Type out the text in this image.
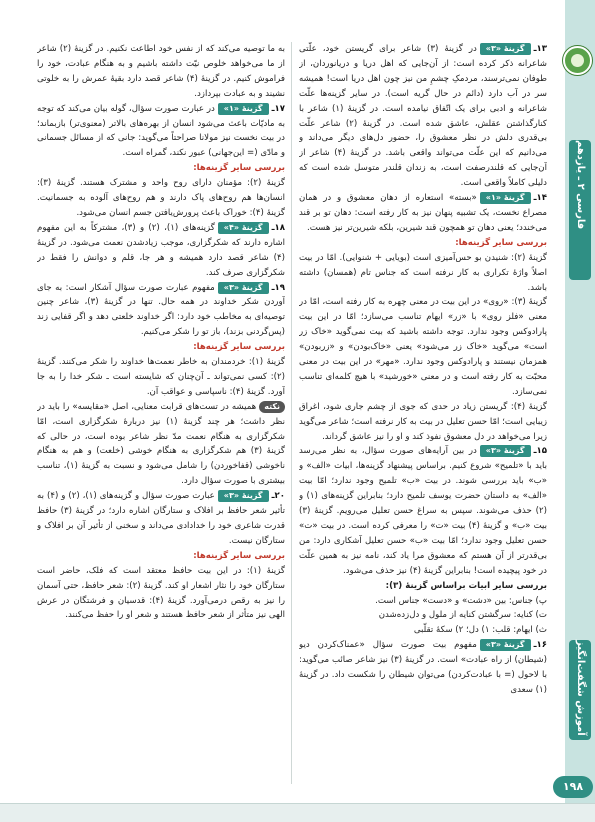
فارسی ۲ ـ یازدهم
آموزش شگفت‌انگیز

۱۳ـگزینهٔ «۳»در گزینهٔ (۳) شاعر برای گریستن خود، علّتی شاعرانه ذکر کرده است: از آن‌جایی که اهل دریا و دریانوردان، از طوفان نمی‌ترسند، مردمکِ چشمِ من نیز چون اهل دریا است! همیشه سر در آب دارد (دائم در حال گریه است). در سایر گزینه‌ها علّت شاعرانه و ادبی برای یک اتّفاق نیامده است. در گزینهٔ (۱) شاعر با کنارگذاشتن عقلش، عاشق شده است. در گزینهٔ (۲) شاعر علّت بی‌قدری دلش در نظر معشوق را، حضور دل‌های دیگر می‌داند و می‌دانیم که این علّت می‌تواند واقعی باشد. در گزینهٔ (۴) شاعر از آن‌جایی که قلندرصفت است، به زندان قلندر متوسل شده است که دلیلی کاملاً واقعی است.

۱۴ـگزینهٔ «۱»«بسته» استعاره از دهان معشوق و در همان مصراع نخست، یک تشبیه پنهان نیز به کار رفته است: دهان تو بر قند می‌خندد؛ یعنی دهان تو همچون قند شیرین، بلکه شیرین‌تر نیز هست.

بررسی سایر گزینه‌ها:

گزینهٔ (۲): شنیدن بو حس‌آمیزی است (بویایی + شنوایی). امّا در بیت اصلاً واژهٔ تکراری به کار نرفته است که جناس تام (همسان) داشته باشد.

گزینهٔ (۳): «روی» در این بیت در معنی چهره به کار رفته است، امّا در معنی «فلز روی» با «زر» ایهام تناسب می‌سازد؛ امّا در این بیت پارادوکس وجود ندارد. توجه داشته باشید که بیت نمی‌گوید «خاک زر است» می‌گوید «خاک زر می‌شود» یعنی «خاک‌بودن» و «زربودن» همزمان نیستند و پارادوکس وجود ندارد. «مهر» در این بیت در معنی محبّت به کار رفته است و در معنی «خورشید» با هیچ کلمه‌ای تناسب نمی‌سازد.

گزینهٔ (۴): گریستن زیاد در حدی که جوی از چشم جاری شود، اغراق زیبایی است؛ امّا حسن تعلیل در بیت به کار نرفته است؛ شاعر می‌گوید زیرا می‌خواهد در دل معشوق نفوذ کند و او را نیز عاشق گرداند.

۱۵ـگزینهٔ «۳»در بین آرایه‌های صورت سؤال، به نظر می‌رسد باید با «تلمیح» شروع کنیم. براساس پیشنهاد گزینه‌ها، ابیات «الف» و «ب» باید بررسی شوند. در بیت «ب» تلمیح وجود ندارد؛ امّا بیت «الف» به داستان حضرت یوسف تلمیح دارد؛ بنابراین گزینه‌های (۱) و (۲) حذف می‌شوند. سپس به سراغ حسن تعلیل می‌رویم. گزینهٔ (۳) بیت «ب» و گزینهٔ (۴) بیت «ت» را معرفی کرده است. در بیت «ت» حسن تعلیل وجود ندارد؛ امّا بیت «ب» حسن تعلیل آشکاری دارد: من بی‌قدرتر از آن هستم که معشوق مرا یاد کند، نامه نیز به همین علّت در خود پیچیده است! بنابراین گزینهٔ (۴) نیز حذف می‌شود.

بررسی سایر ابیات براساس گزینهٔ (۳):

پ) جناس: بین «دشت» و «دست» جناس است.

ت) کنایه: سرگشتن کنایه از ملول و دل‌زده‌شدن

ث) ایهام: قلب: ۱) دل؛ ۲) سکهٔ تقلّبی

۱۶ـگزینهٔ «۳»مفهوم بیت صورت سؤال «عمناک‌کردن دیو (شیطان) از راه عبادت» است. در گزینهٔ (۳) نیز شاعر صائب می‌گوید: با لاحول (= با عبادت‌کردن) می‌توان شیطان را شکست داد. در گزینهٔ (۱) سعدی

به ما توصیه می‌کند که از نفس خود اطاعت نکنیم. در گزینهٔ (۲) شاعر از ما می‌خواهد خلوص نیّت داشته باشیم و به هنگام عبادت، خود را فراموش کنیم. در گزینهٔ (۴) شاعر قصد دارد بقیهٔ عمرش را به خلوتی نشیند و به عبادت بپردازد.

۱۷ـگزینهٔ «۱»در عبارت صورت سؤال، گوله بیان می‌کند که توجه به مادیّات باعث می‌شود انسان از بهره‌های بالاتر (معنوی‌تر) بازبماند؛ در بیت نخست نیز مولانا صراحتاً می‌گوید: جانی که از مسائل جسمانی و مادّی (= این‌جهانی) عبور نکند، گمراه است.

بررسی سایر گزینه‌ها:

گزینهٔ (۲): مؤمنان دارای روح واحد و مشترک هستند. گزینهٔ (۳): انسان‌ها هم روح‌های پاک دارند و هم روح‌های آلوده به جسمانیت. گزینهٔ (۴): خوراک باعث پرورش‌یافتن جسم انسان می‌شود.

۱۸ـگزینهٔ «۴»گزینه‌های (۱)، (۲) و (۳)، مشترکاً به این مفهوم اشاره دارند که شکرگزاری، موجب زیادشدن نعمت می‌شود. در گزینهٔ (۴) شاعر قصد دارد همیشه و هر جا، قلم و دوانش را فقط در شکرگزاری صرف کند.

۱۹ـگزینهٔ «۳»مفهوم عبارت صورت سؤال آشکار است: به جای آوردن شکر خداوند در همه حال. تنها در گزینهٔ (۳)، شاعر چنین توصیه‌ای به مخاطب خود دارد: اگر خداوند خلعتی دهد و اگر قفایی زند (پس‌گردنی بزند)، باز تو را شکر می‌کنیم.

بررسی سایر گزینه‌ها:

گزینهٔ (۱): خردمندان به خاطر نعمت‌ها خداوند را شکر می‌کنند. گزینهٔ (۲): کسی نمی‌تواند ـ آن‌چنان که شایسته است ـ شکر خدا را به جا آورد. گزینهٔ (۴): ناسپاسی و عواقب آن.

نکتههمیشه در تست‌های قرابت معنایی، اصل «مقایسه» را باید در نظر داشت؛ هر چند گزینهٔ (۱) نیز دربارهٔ شکرگزاری است، امّا شکرگزاری به هنگام نعمت مدّ نظر شاعر بوده است، در حالی که گزینهٔ (۳) هم شکرگزاری به هنگام خوشی (خلعت) و هم به هنگام ناخوشی (قفاخوردن) را شامل می‌شود و نسبت به گزینهٔ (۱)، تناسب بیشتری با صورت سؤال دارد.

۲۰ـگزینهٔ «۳»عبارت صورت سؤال و گزینه‌های (۱)، (۲) و (۴) به تأثیر شعر حافظ بر افلاک و ستارگان اشاره دارد؛ در گزینهٔ (۳) حافظ قدرت شاعری خود را خدادادی می‌داند و سخنی از تأثیر آن بر افلاک و ستارگان نیست.

بررسی سایر گزینه‌ها:

گزینهٔ (۱): در این بیت حافظ معتقد است که فلک، حاضر است ستارگان خود را نثار اشعار او کند. گزینهٔ (۲): شعر حافظ، حتی آسمان را نیز به رقص درمی‌آورد. گزینهٔ (۴): قدسیان و فرشتگان در عرش الهی نیز متأثر از شعر حافظ هستند و شعر او را حفظ می‌کنند.

۱۹۸
